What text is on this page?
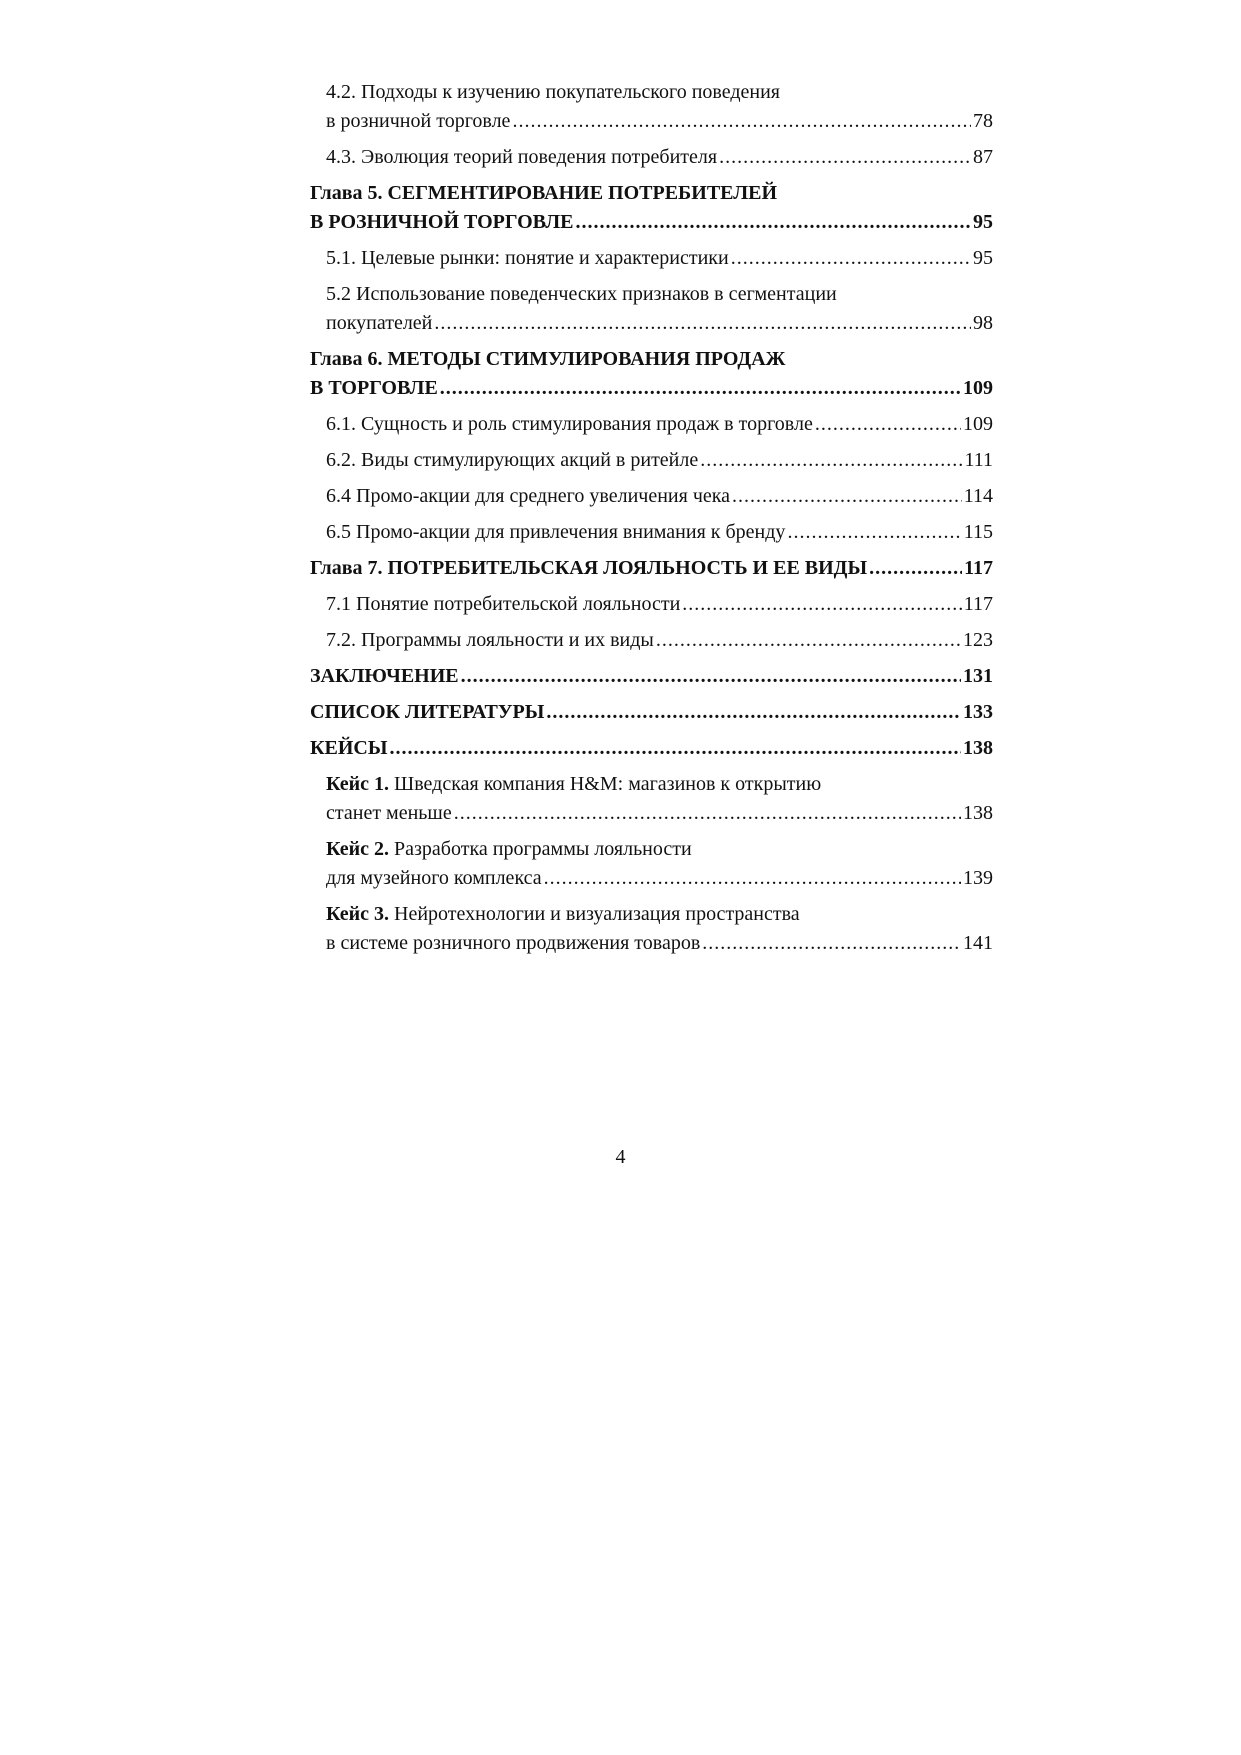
4.2. Подходы к изучению покупательского поведения
в розничной торговле .....	78
4.3. Эволюция теорий поведения потребителя .....	87
Глава 5. СЕГМЕНТИРОВАНИЕ ПОТРЕБИТЕЛЕЙ
В РОЗНИЧНОЙ ТОРГОВЛЕ .....	95
5.1. Целевые рынки: понятие и характеристики .....	95
5.2 Использование поведенческих признаков в сегментации
покупателей .....	98
Глава 6. МЕТОДЫ СТИМУЛИРОВАНИЯ ПРОДАЖ
В ТОРГОВЛЕ .....	109
6.1. Сущность и роль стимулирования продаж в торговле .....	109
6.2. Виды стимулирующих акций в ритейле .....	111
6.4 Промо-акции для среднего увеличения чека .....	114
6.5 Промо-акции для привлечения внимания к бренду .....	115
Глава 7. ПОТРЕБИТЕЛЬСКАЯ ЛОЯЛЬНОСТЬ И ЕЕ ВИДЫ .....	117
7.1 Понятие потребительской лояльности .....	117
7.2. Программы лояльности и их виды .....	123
ЗАКЛЮЧЕНИЕ .....	131
СПИСОК ЛИТЕРАТУРЫ .....	133
КЕЙСЫ .....	138
Кейс 1. Шведская компания H&M: магазинов к открытию
станет меньше .....	138
Кейс 2. Разработка программы лояльности
для музейного комплекса .....	139
Кейс 3. Нейротехнологии и визуализация пространства
в системе розничного продвижения товаров .....	141
4
